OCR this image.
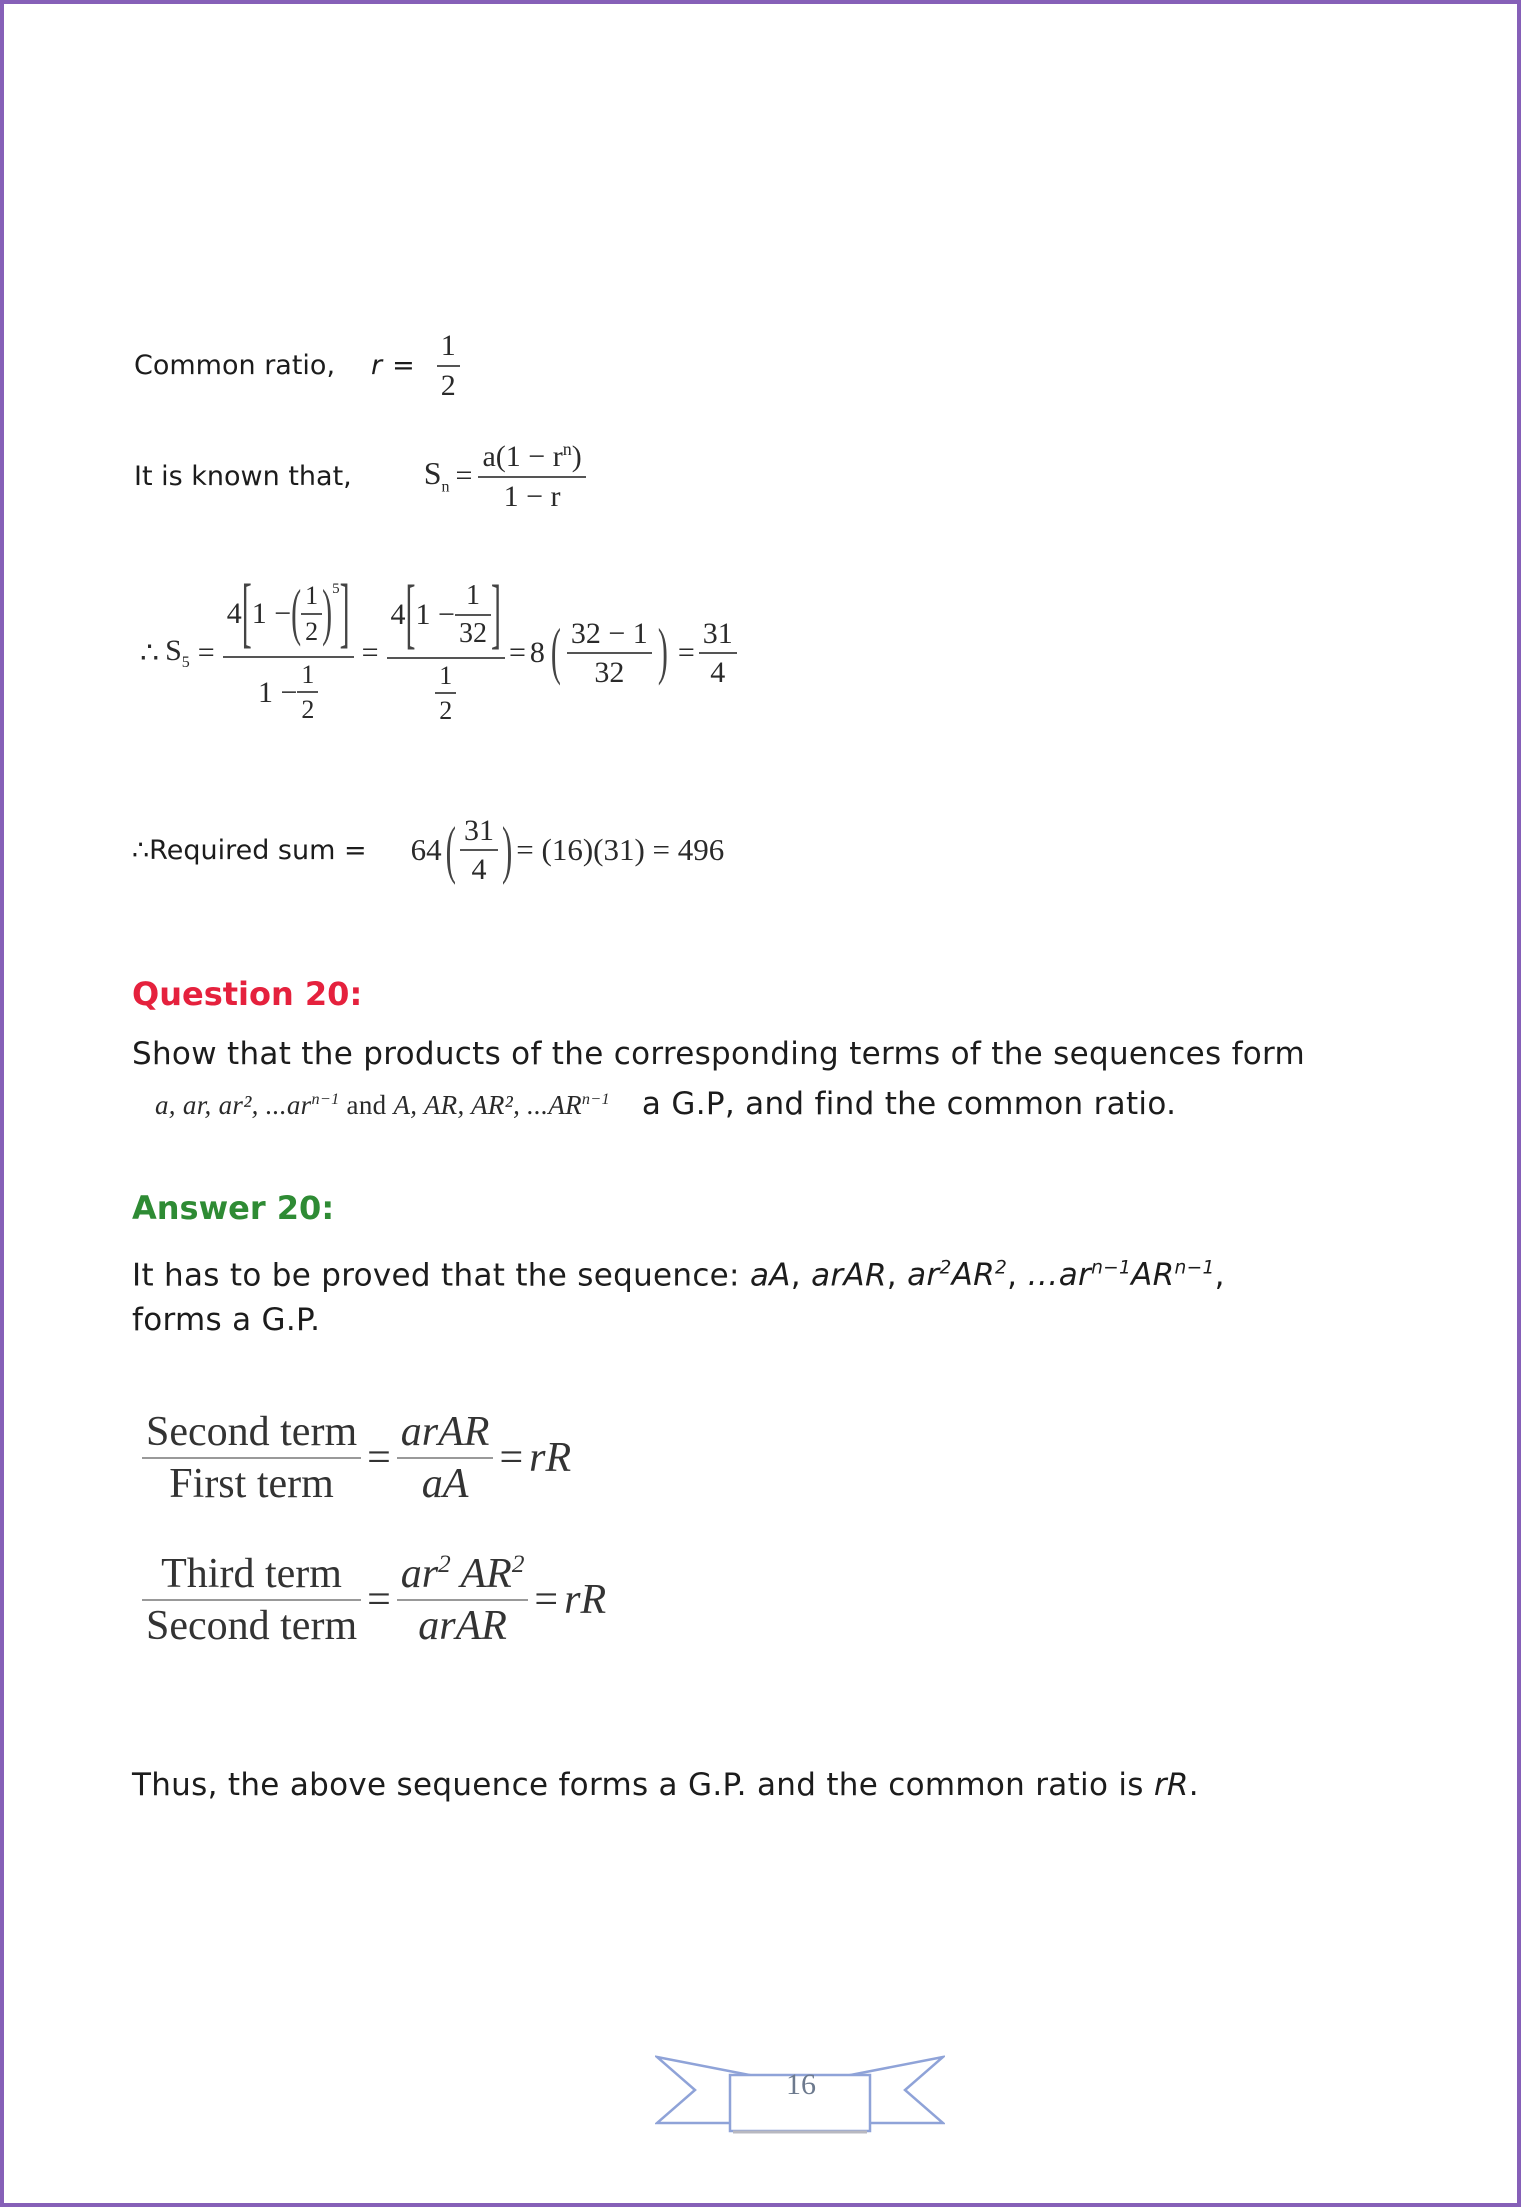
Common ratio, $r = \frac{1}{2}$
It is known that, $S_n = \frac{a(1 - r^n)}{1 - r}$
∴ $S_5 = \frac{4 [ 1 - ( \frac{1}{2} )^5 ]}{1 - \frac{1}{2}} = \frac{4 [ 1 - \frac{1}{32} ]}{\frac{1}{2}} = 8$ ( $\frac{32 - 1}{32}$ ) = $\frac{31}{4}$
∴Required sum = 64 ( $\frac{31}{4}$ ) = (16)(31) = 496
Question 20:
Show that the products of the corresponding terms of the sequences form
a, ar, ar², $...ar^{n-1}$ and A, AR, AR², $...AR^{n-1}$ a G.P, and find the common ratio.
Answer 20:
It has to be proved that the sequence: aA, arAR, $ar^2AR^2$, $\dots ar^{n-1}AR^{n-1}$,
forms a G.P.
$\frac{\text{Second term}}{\text{First term}} = \frac{\text{arAR}}{aA}$ = rR
$\frac{\text{Third term}}{\text{Second term}} = \frac{ar^2 AR^2}{\text{arAR}}$ = rR
Thus, the above sequence forms a G.P. and the common ratio is rR.
16
